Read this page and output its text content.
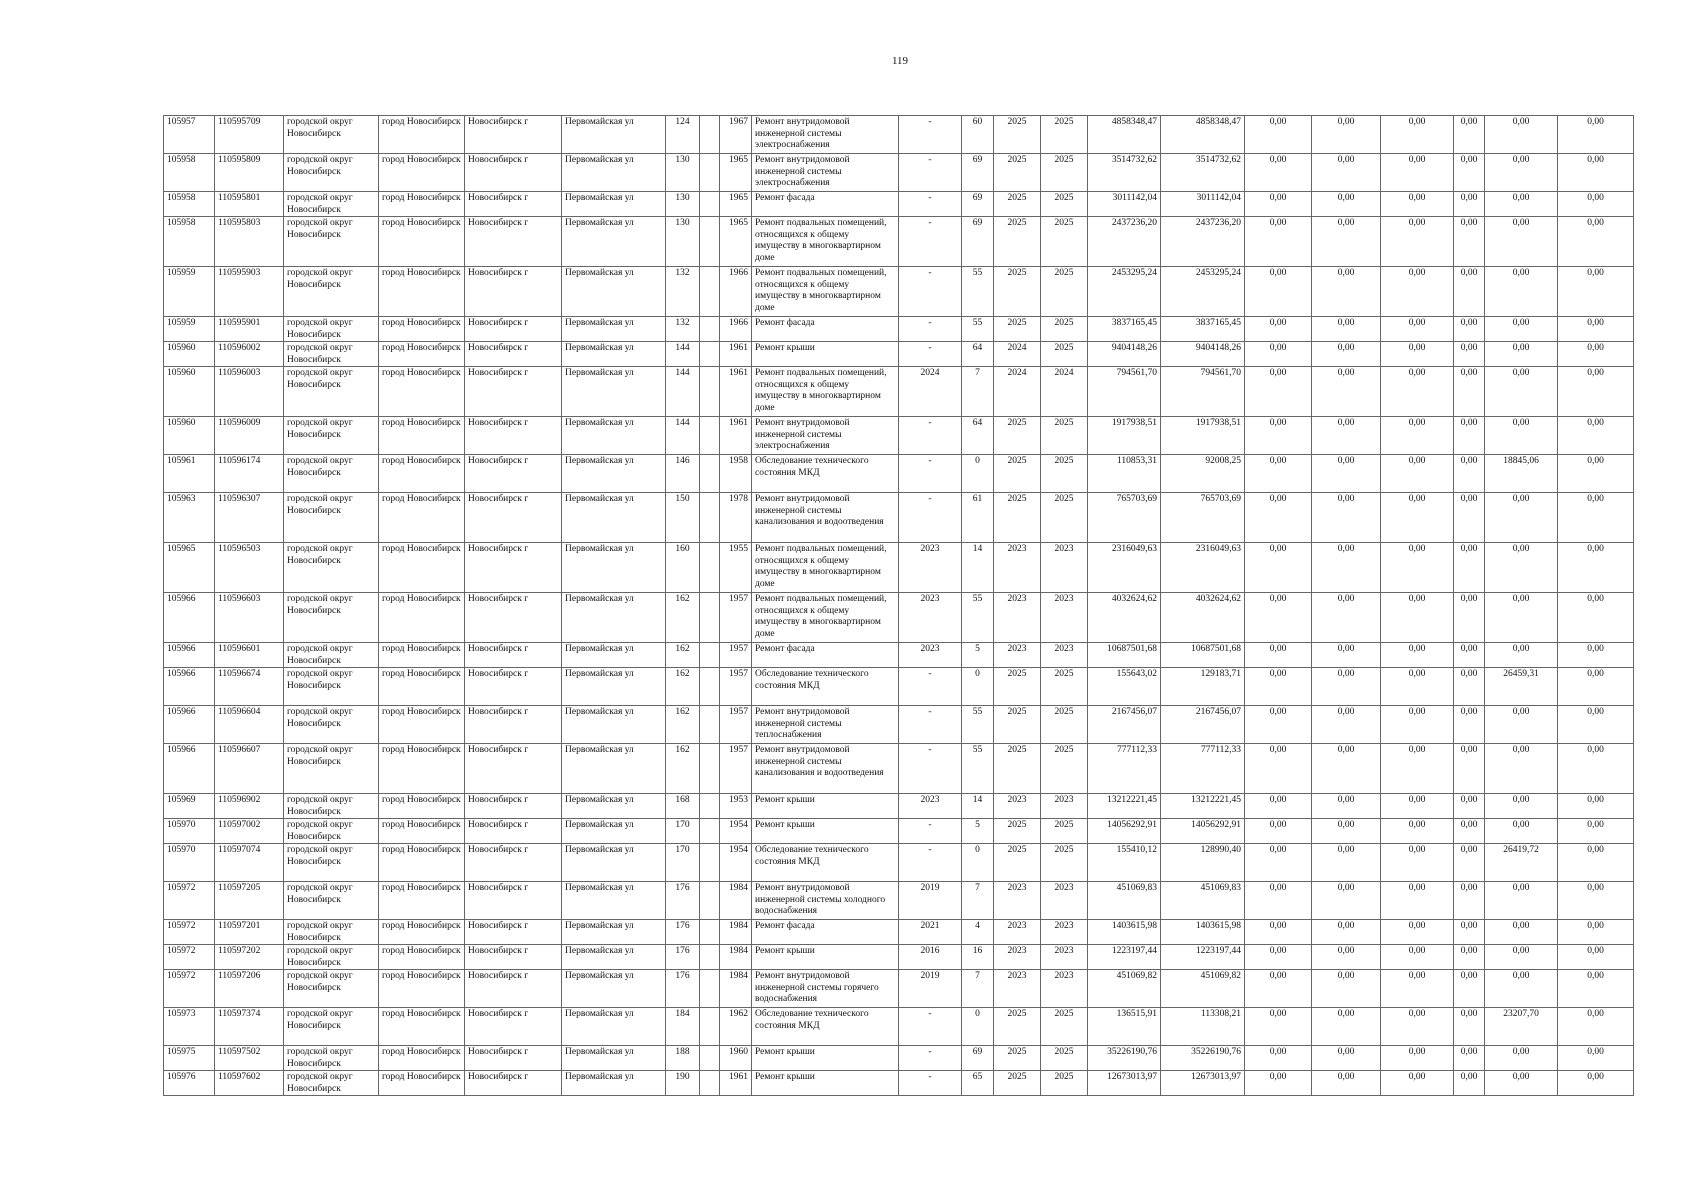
119
105957	110595709	городской округ Новосибирск	город Новосибирск	Новосибирск г	Первомайская ул	124		1967	Ремонт внутридомовой инженерной системы электроснабжения	-	60	2025	2025	4858348,47	4858348,47	0,00	0,00	0,00	0,00	0,00	0,00
105958	110595809	городской округ Новосибирск	город Новосибирск	Новосибирск г	Первомайская ул	130		1965	Ремонт внутридомовой инженерной системы электроснабжения	-	69	2025	2025	3514732,62	3514732,62	0,00	0,00	0,00	0,00	0,00	0,00
105958	110595801	городской округ Новосибирск	город Новосибирск	Новосибирск г	Первомайская ул	130		1965	Ремонт фасада	-	69	2025	2025	3011142,04	3011142,04	0,00	0,00	0,00	0,00	0,00	0,00
105958	110595803	городской округ Новосибирск	город Новосибирск	Новосибирск г	Первомайская ул	130		1965	Ремонт подвальных помещений, относящихся к общему имуществу в многоквартирном доме	-	69	2025	2025	2437236,20	2437236,20	0,00	0,00	0,00	0,00	0,00	0,00
105959	110595903	городской округ Новосибирск	город Новосибирск	Новосибирск г	Первомайская ул	132		1966	Ремонт подвальных помещений, относящихся к общему имуществу в многоквартирном доме	-	55	2025	2025	2453295,24	2453295,24	0,00	0,00	0,00	0,00	0,00	0,00
105959	110595901	городской округ Новосибирск	город Новосибирск	Новосибирск г	Первомайская ул	132		1966	Ремонт фасада	-	55	2025	2025	3837165,45	3837165,45	0,00	0,00	0,00	0,00	0,00	0,00
105960	110596002	городской округ Новосибирск	город Новосибирск	Новосибирск г	Первомайская ул	144		1961	Ремонт крыши	-	64	2024	2025	9404148,26	9404148,26	0,00	0,00	0,00	0,00	0,00	0,00
105960	110596003	городской округ Новосибирск	город Новосибирск	Новосибирск г	Первомайская ул	144		1961	Ремонт подвальных помещений, относящихся к общему имуществу в многоквартирном доме	2024	7	2024	2024	794561,70	794561,70	0,00	0,00	0,00	0,00	0,00	0,00
105960	110596009	городской округ Новосибирск	город Новосибирск	Новосибирск г	Первомайская ул	144		1961	Ремонт внутридомовой инженерной системы электроснабжения	-	64	2025	2025	1917938,51	1917938,51	0,00	0,00	0,00	0,00	0,00	0,00
105961	110596174	городской округ Новосибирск	город Новосибирск	Новосибирск г	Первомайская ул	146		1958	Обследование технического состояния МКД	-	0	2025	2025	110853,31	92008,25	0,00	0,00	0,00	0,00	18845,06	0,00
105963	110596307	городской округ Новосибирск	город Новосибирск	Новосибирск г	Первомайская ул	150		1978	Ремонт внутридомовой инженерной системы канализования и водоотведения	-	61	2025	2025	765703,69	765703,69	0,00	0,00	0,00	0,00	0,00	0,00
105965	110596503	городской округ Новосибирск	город Новосибирск	Новосибирск г	Первомайская ул	160		1955	Ремонт подвальных помещений, относящихся к общему имуществу в многоквартирном доме	2023	14	2023	2023	2316049,63	2316049,63	0,00	0,00	0,00	0,00	0,00	0,00
105966	110596603	городской округ Новосибирск	город Новосибирск	Новосибирск г	Первомайская ул	162		1957	Ремонт подвальных помещений, относящихся к общему имуществу в многоквартирном доме	2023	55	2023	2023	4032624,62	4032624,62	0,00	0,00	0,00	0,00	0,00	0,00
105966	110596601	городской округ Новосибирск	город Новосибирск	Новосибирск г	Первомайская ул	162		1957	Ремонт фасада	2023	5	2023	2023	10687501,68	10687501,68	0,00	0,00	0,00	0,00	0,00	0,00
105966	110596674	городской округ Новосибирск	город Новосибирск	Новосибирск г	Первомайская ул	162		1957	Обследование технического состояния МКД	-	0	2025	2025	155643,02	129183,71	0,00	0,00	0,00	0,00	26459,31	0,00
105966	110596604	городской округ Новосибирск	город Новосибирск	Новосибирск г	Первомайская ул	162		1957	Ремонт внутридомовой инженерной системы теплоснабжения	-	55	2025	2025	2167456,07	2167456,07	0,00	0,00	0,00	0,00	0,00	0,00
105966	110596607	городской округ Новосибирск	город Новосибирск	Новосибирск г	Первомайская ул	162		1957	Ремонт внутридомовой инженерной системы канализования и водоотведения	-	55	2025	2025	777112,33	777112,33	0,00	0,00	0,00	0,00	0,00	0,00
105969	110596902	городской округ Новосибирск	город Новосибирск	Новосибирск г	Первомайская ул	168		1953	Ремонт крыши	2023	14	2023	2023	13212221,45	13212221,45	0,00	0,00	0,00	0,00	0,00	0,00
105970	110597002	городской округ Новосибирск	город Новосибирск	Новосибирск г	Первомайская ул	170		1954	Ремонт крыши	-	5	2025	2025	14056292,91	14056292,91	0,00	0,00	0,00	0,00	0,00	0,00
105970	110597074	городской округ Новосибирск	город Новосибирск	Новосибирск г	Первомайская ул	170		1954	Обследование технического состояния МКД	-	0	2025	2025	155410,12	128990,40	0,00	0,00	0,00	0,00	26419,72	0,00
105972	110597205	городской округ Новосибирск	город Новосибирск	Новосибирск г	Первомайская ул	176		1984	Ремонт внутридомовой инженерной системы холодного водоснабжения	2019	7	2023	2023	451069,83	451069,83	0,00	0,00	0,00	0,00	0,00	0,00
105972	110597201	городской округ Новосибирск	город Новосибирск	Новосибирск г	Первомайская ул	176		1984	Ремонт фасада	2021	4	2023	2023	1403615,98	1403615,98	0,00	0,00	0,00	0,00	0,00	0,00
105972	110597202	городской округ Новосибирск	город Новосибирск	Новосибирск г	Первомайская ул	176		1984	Ремонт крыши	2016	16	2023	2023	1223197,44	1223197,44	0,00	0,00	0,00	0,00	0,00	0,00
105972	110597206	городской округ Новосибирск	город Новосибирск	Новосибирск г	Первомайская ул	176		1984	Ремонт внутридомовой инженерной системы горячего водоснабжения	2019	7	2023	2023	451069,82	451069,82	0,00	0,00	0,00	0,00	0,00	0,00
105973	110597374	городской округ Новосибирск	город Новосибирск	Новосибирск г	Первомайская ул	184		1962	Обследование технического состояния МКД	-	0	2025	2025	136515,91	113308,21	0,00	0,00	0,00	0,00	23207,70	0,00
105975	110597502	городской округ Новосибирск	город Новосибирск	Новосибирск г	Первомайская ул	188		1960	Ремонт крыши	-	69	2025	2025	35226190,76	35226190,76	0,00	0,00	0,00	0,00	0,00	0,00
105976	110597602	городской округ Новосибирск	город Новосибирск	Новосибирск г	Первомайская ул	190		1961	Ремонт крыши	-	65	2025	2025	12673013,97	12673013,97	0,00	0,00	0,00	0,00	0,00	0,00
